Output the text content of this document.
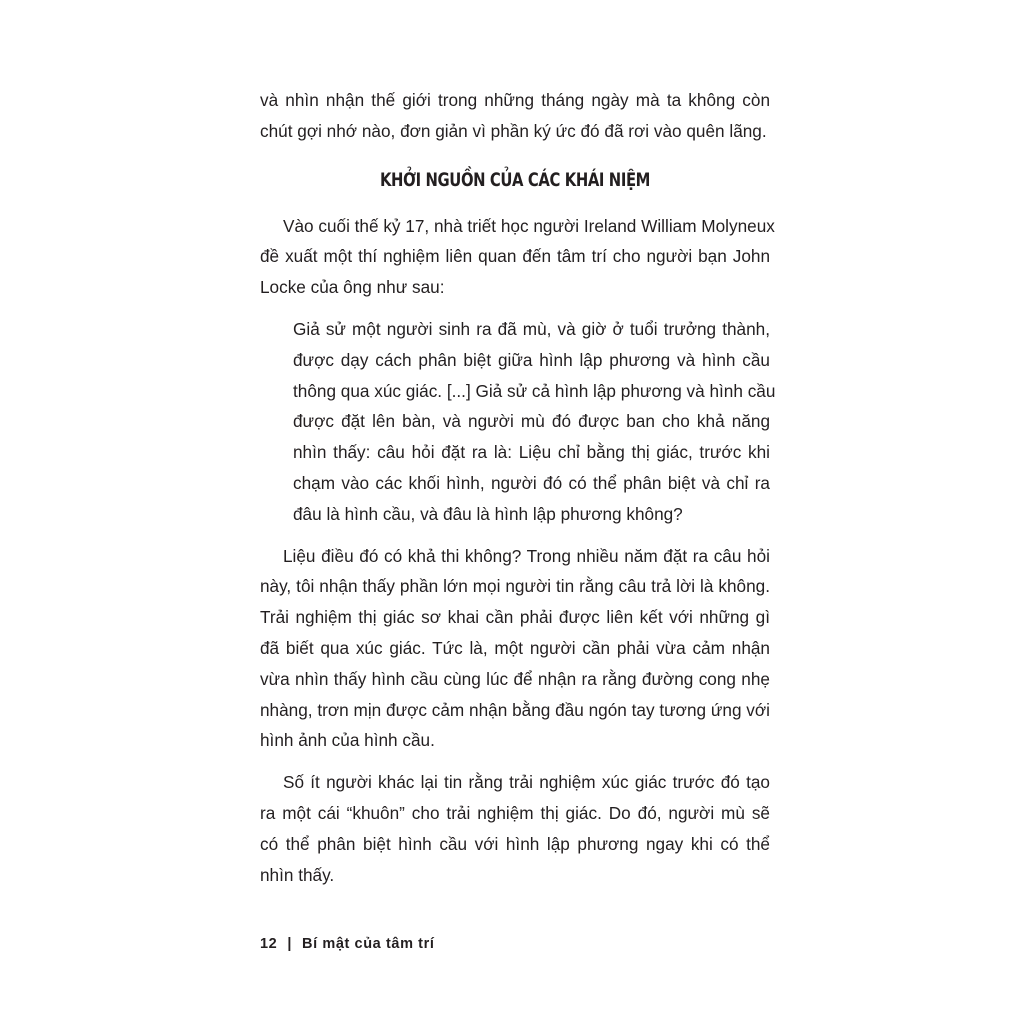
và nhìn nhận thế giới trong những tháng ngày mà ta không còn
chút gợi nhớ nào, đơn giản vì phần ký ức đó đã rơi vào quên lãng.
KHỞI NGUỒN CỦA CÁC KHÁI NIỆM
Vào cuối thế kỷ 17, nhà triết học người Ireland William Molyneux
đề xuất một thí nghiệm liên quan đến tâm trí cho người bạn John
Locke của ông như sau:
Giả sử một người sinh ra đã mù, và giờ ở tuổi trưởng thành,
được dạy cách phân biệt giữa hình lập phương và hình cầu
thông qua xúc giác. [...] Giả sử cả hình lập phương và hình cầu
được đặt lên bàn, và người mù đó được ban cho khả năng
nhìn thấy: câu hỏi đặt ra là: Liệu chỉ bằng thị giác, trước khi
chạm vào các khối hình, người đó có thể phân biệt và chỉ ra
đâu là hình cầu, và đâu là hình lập phương không?
Liệu điều đó có khả thi không? Trong nhiều năm đặt ra câu hỏi
này, tôi nhận thấy phần lớn mọi người tin rằng câu trả lời là không.
Trải nghiệm thị giác sơ khai cần phải được liên kết với những gì
đã biết qua xúc giác. Tức là, một người cần phải vừa cảm nhận
vừa nhìn thấy hình cầu cùng lúc để nhận ra rằng đường cong nhẹ
nhàng, trơn mịn được cảm nhận bằng đầu ngón tay tương ứng với
hình ảnh của hình cầu.
Số ít người khác lại tin rằng trải nghiệm xúc giác trước đó tạo
ra một cái “khuôn” cho trải nghiệm thị giác. Do đó, người mù sẽ
có thể phân biệt hình cầu với hình lập phương ngay khi có thể
nhìn thấy.
12 | Bí mật của tâm trí
